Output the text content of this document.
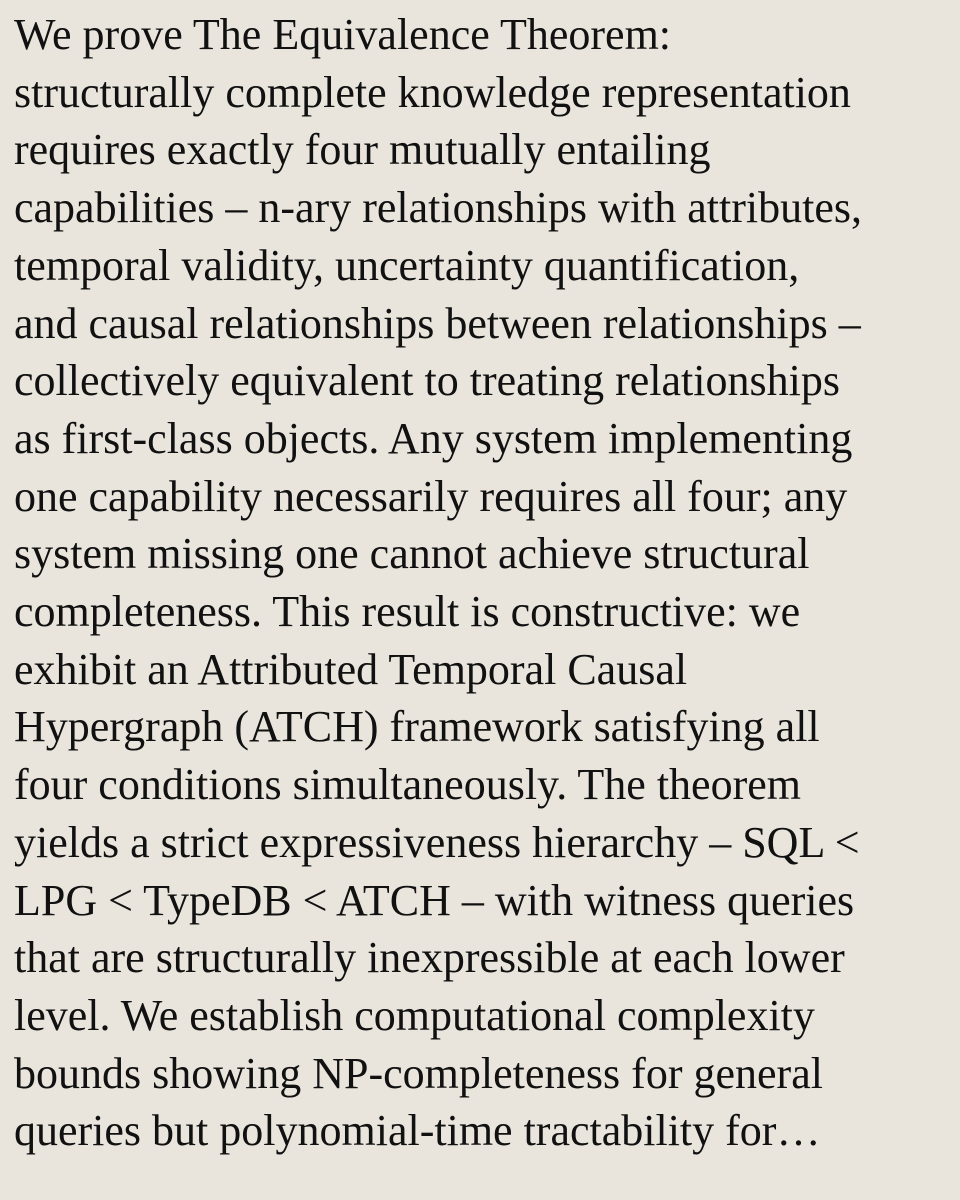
We prove The Equivalence Theorem:

structurally complete knowledge representation

requires exactly four mutually entailing

capabilities – n-ary relationships with attributes,

temporal validity, uncertainty quantification,

and causal relationships between relationships –

collectively equivalent to treating relationships

as first-class objects. Any system implementing

one capability necessarily requires all four; any

system missing one cannot achieve structural

completeness. This result is constructive: we

exhibit an Attributed Temporal Causal

Hypergraph (ATCH) framework satisfying all

four conditions simultaneously. The theorem

yields a strict expressiveness hierarchy – SQL <

LPG < TypeDB < ATCH – with witness queries

that are structurally inexpressible at each lower

level. We establish computational complexity

bounds showing NP-completeness for general

queries but polynomial-time tractability for…
